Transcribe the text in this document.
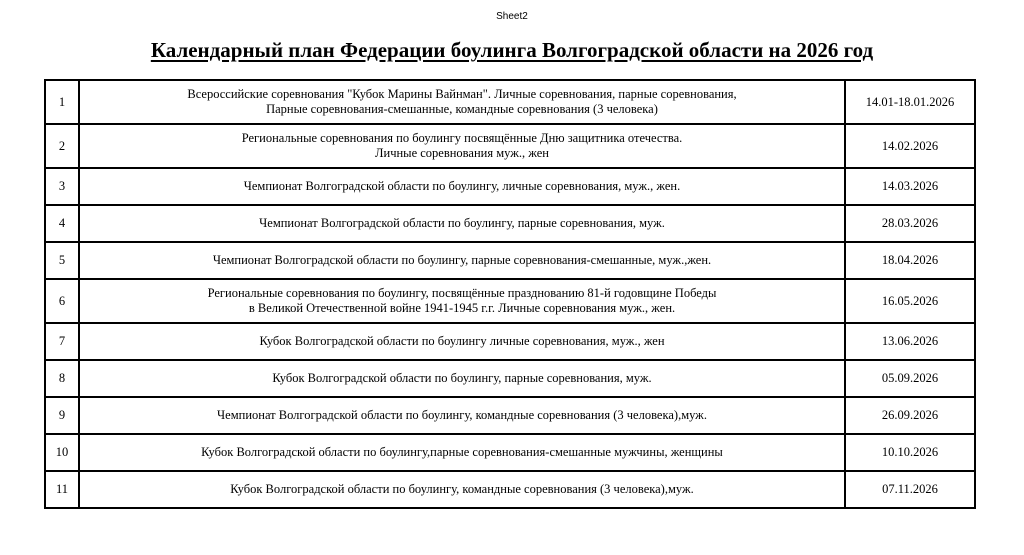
Sheet2
Календарный план Федерации боулинга Волгоградской области на 2026 год
1	Всероссийские соревнования "Кубок Марины Вайнман". Личные соревнования, парные соревнования,
Парные соревнования-смешанные, командные соревнования (3 человека)	14.01-18.01.2026
2	Региональные соревнования по боулингу посвящённые Дню защитника отечества.
Личные соревнования муж., жен	14.02.2026
3	Чемпионат Волгоградской области по боулингу, личные соревнования, муж., жен.	14.03.2026
4	Чемпионат Волгоградской области по боулингу, парные соревнования, муж.	28.03.2026
5	Чемпионат Волгоградской области по боулингу, парные соревнования-смешанные, муж.,жен.	18.04.2026
6	Региональные соревнования по боулингу, посвящённые празднованию 81-й годовщине Победы
в Великой Отечественной войне 1941-1945 г.г. Личные соревнования муж., жен.	16.05.2026
7	Кубок Волгоградской области по боулингу личные соревнования, муж., жен	13.06.2026
8	Кубок Волгоградской области по боулингу, парные соревнования, муж.	05.09.2026
9	Чемпионат Волгоградской области по боулингу, командные соревнования (3 человека),муж.	26.09.2026
10	Кубок Волгоградской области по боулингу,парные соревнования-смешанные мужчины, женщины	10.10.2026
11	Кубок Волгоградской области по боулингу, командные соревнования (3 человека),муж.	07.11.2026
